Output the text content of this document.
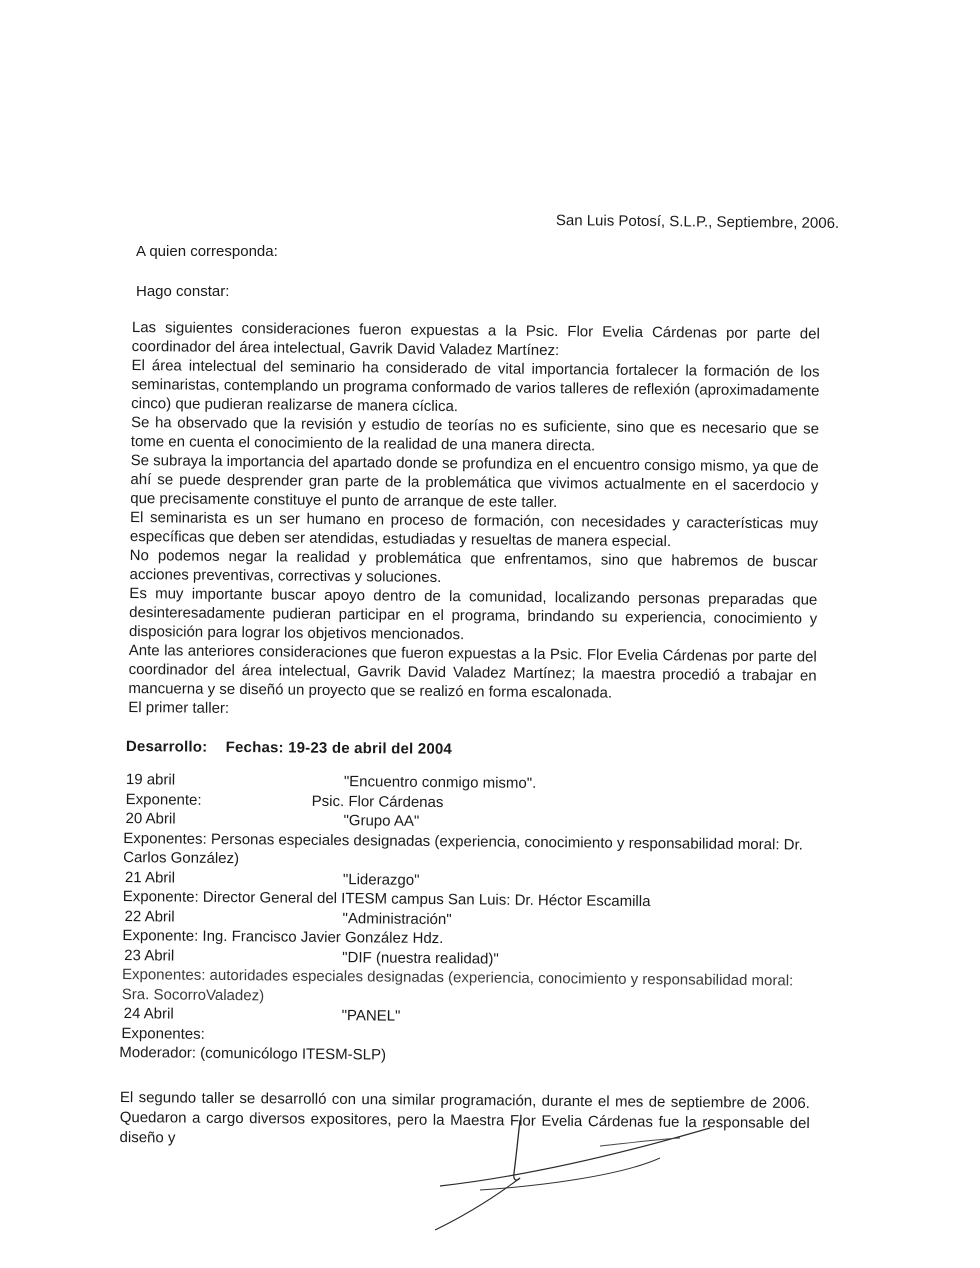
San Luis Potosí, S.L.P., Septiembre, 2006.
A quien corresponda:
Hago constar:

Las siguientes consideraciones fueron expuestas a la Psic. Flor Evelia Cárdenas por parte del coordinador del área intelectual, Gavrik David Valadez Martínez:

El área intelectual del seminario ha considerado de vital importancia fortalecer la formación de los seminaristas, contemplando un programa conformado de varios talleres de reflexión (aproximadamente cinco) que pudieran realizarse de manera cíclica.

Se ha observado que la revisión y estudio de teorías no es suficiente, sino que es necesario que se tome en cuenta el conocimiento de la realidad de una manera directa.

Se subraya la importancia del apartado donde se profundiza en el encuentro consigo mismo, ya que de ahí se puede desprender gran parte de la problemática que vivimos actualmente en el sacerdocio y que precisamente constituye el punto de arranque de este taller.

El seminarista es un ser humano en proceso de formación, con necesidades y características muy específicas que deben ser atendidas, estudiadas y resueltas de manera especial.

No podemos negar la realidad y problemática que enfrentamos, sino que habremos de buscar acciones preventivas, correctivas y soluciones.

Es muy importante buscar apoyo dentro de la comunidad, localizando personas preparadas que desinteresadamente pudieran participar en el programa, brindando su experiencia, conocimiento y disposición para lograr los objetivos mencionados.

Ante las anteriores consideraciones que fueron expuestas a la Psic. Flor Evelia Cárdenas por parte del coordinador del área intelectual, Gavrik David Valadez Martínez; la maestra procedió a trabajar en mancuerna y se diseñó un proyecto que se realizó en forma escalonada.

El primer taller:

Desarrollo: Fechas: 19-23 de abril del 2004
19 abril	"Encuentro conmigo mismo".
Exponente:	Psic. Flor Cárdenas
20 Abril	"Grupo AA"
Exponentes: Personas especiales designadas (experiencia, conocimiento y responsabilidad moral: Dr. Carlos González)
21 Abril	"Liderazgo"
Exponente: Director General del ITESM campus San Luis: Dr. Héctor Escamilla
22 Abril	"Administración"
Exponente: Ing. Francisco Javier González Hdz.
23 Abril	"DIF (nuestra realidad)"
Exponentes: autoridades especiales designadas (experiencia, conocimiento y responsabilidad moral: Sra. SocorroValadez)
24 Abril	"PANEL"
Exponentes:
Moderador: (comunicólogo ITESM-SLP)

El segundo taller se desarrolló con una similar programación, durante el mes de septiembre de 2006. Quedaron a cargo diversos expositores, pero la Maestra Flor Evelia Cárdenas fue la responsable del diseño y
